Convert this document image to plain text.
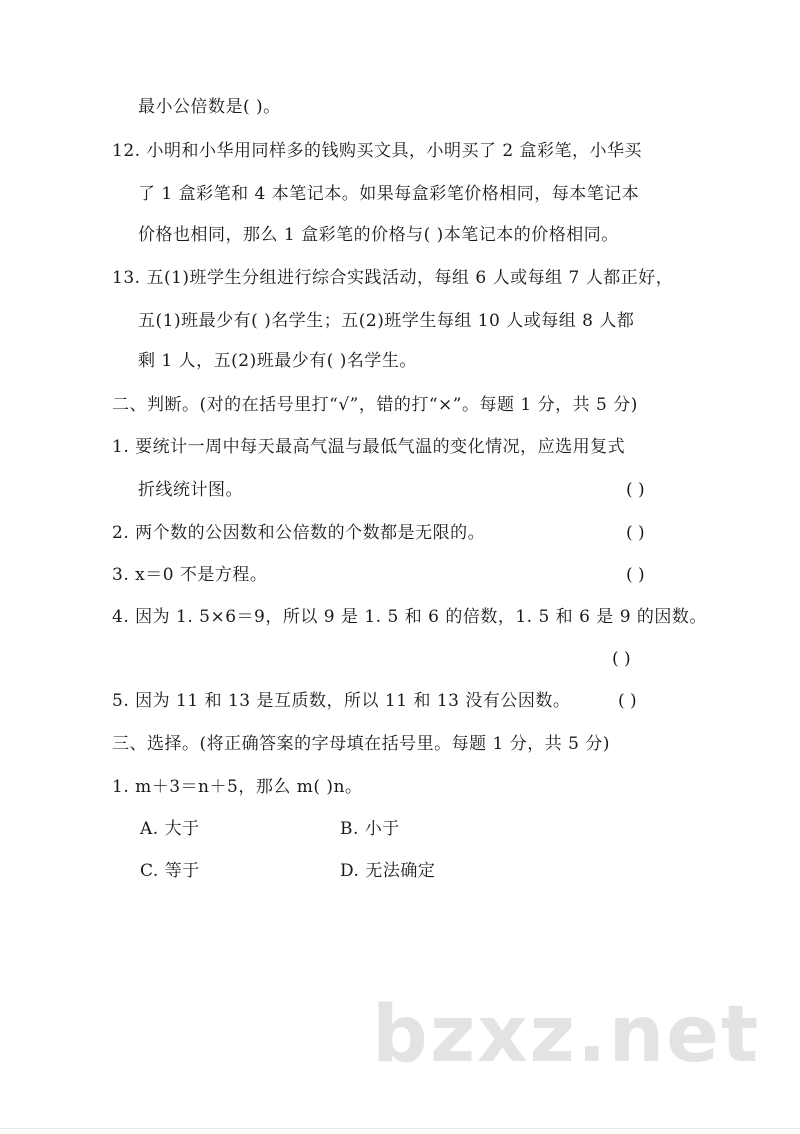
最小公倍数是( )。
12. 小明和小华用同样多的钱购买文具，小明买了 2 盒彩笔，小华买
了 1 盒彩笔和 4 本笔记本。如果每盒彩笔价格相同，每本笔记本
价格也相同，那么 1 盒彩笔的价格与( )本笔记本的价格相同。
13. 五(1)班学生分组进行综合实践活动，每组 6 人或每组 7 人都正好，
五(1)班最少有( )名学生；五(2)班学生每组 10 人或每组 8 人都
剩 1 人，五(2)班最少有( )名学生。
二、判断。(对的在括号里打“√”，错的打“×”。每题 1 分，共 5 分)
1. 要统计一周中每天最高气温与最低气温的变化情况，应选用复式
折线统计图。	( )
2. 两个数的公因数和公倍数的个数都是无限的。	( )
3. x＝0 不是方程。	( )
4. 因为 1. 5×6＝9，所以 9 是 1. 5 和 6 的倍数，1. 5 和 6 是 9 的因数。
( )
5. 因为 11 和 13 是互质数，所以 11 和 13 没有公因数。	( )
三、选择。(将正确答案的字母填在括号里。每题 1 分，共 5 分)
1. m＋3＝n＋5，那么 m( )n。
A. 大于	B. 小于
C. 等于	D. 无法确定
bzxz.net
